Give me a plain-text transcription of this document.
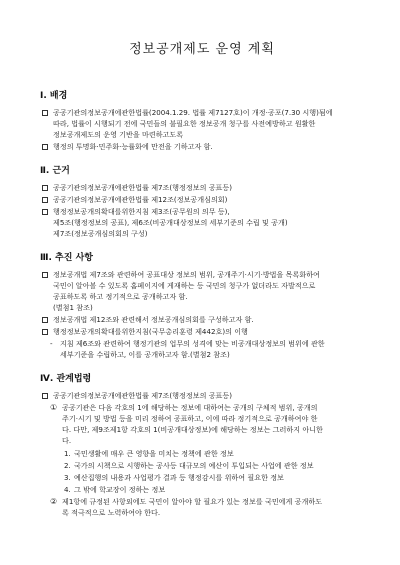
정보공개제도 운영 계획
Ⅰ. 배경
공공기관의정보공개에관한법률(2004.1.29. 법률 제7127호)이 개정·공포(7.30 시행)됨에
따라, 법률이 시행되기 전에 국민들의 불필요한 정보공개 청구를 사전예방하고 원활한
정보공개제도의 운영 기반을 마련하고도록
행정의 투명화·민주화·능률화에 만전을 기하고자 함.
Ⅱ. 근거
공공기관의정보공개에관한법률 제7조(행정정보의 공표등)
공공기관의정보공개에관한법률 제12조(정보공개심의회)
행정정보공개의확대를위한지침 제3조(공무원의 의무 등),
제5조(행정정보의 공표), 제6조(비공개대상정보의 세부기준의 수립 및 공개)
제7조(정보공개심의회의 구성)
Ⅲ. 추진 사항
정보공개법 제7조와 관련하여 공표대상 정보의 범위, 공개주기·시기·방법을 목록화하여
국민이 알아볼 수 있도록 홈페이지에 게재하는 등 국민의 청구가 없더라도 자발적으로
공표하도록 하고 정기적으로 공개하고자 함.
(별첨1 참조)
정보공개법 제12조와 관련해서 정보공개심의회를 구성하고자 함.
행정정보공개의확대를위한지침(국무총리훈령 제442호)의 이행
-	지침 제6조와 관련하여 행정기관의 업무의 성격에 맞는 비공개대상정보의 범위에 관한
세부기준을 수립하고, 이를 공개하고자 함.(별첨2 참조)
Ⅳ. 관계법령
공공기관의정보공개에관한법률 제7조(행정정보의 공표등)
① 공공기관은 다음 각호의 1에 해당하는 정보에 대하여는 공개의 구체적 범위, 공개의
주기·시기 및 방법 등을 미리 정하여 공표하고, 이에 따라 정기적으로 공개하여야 한
다. 다만, 제9조제1항 각호의 1(비공개대상정보)에 해당하는 정보는 그러하지 아니한
다.
1. 국민생활에 매우 큰 영향을 미치는 정책에 관한 정보
2. 국가의 시책으로 시행하는 공사등 대규모의 예산이 투입되는 사업에 관한 정보
3. 예산집행의 내용과 사업평가 결과 등 행정감시를 위하여 필요한 정보
4. 그 밖에 학교장이 정하는 정보
② 제1항에 규정된 사항외에도 국민이 알아야 할 필요가 있는 정보를 국민에게 공개하도
록 적극적으로 노력하여야 한다.
